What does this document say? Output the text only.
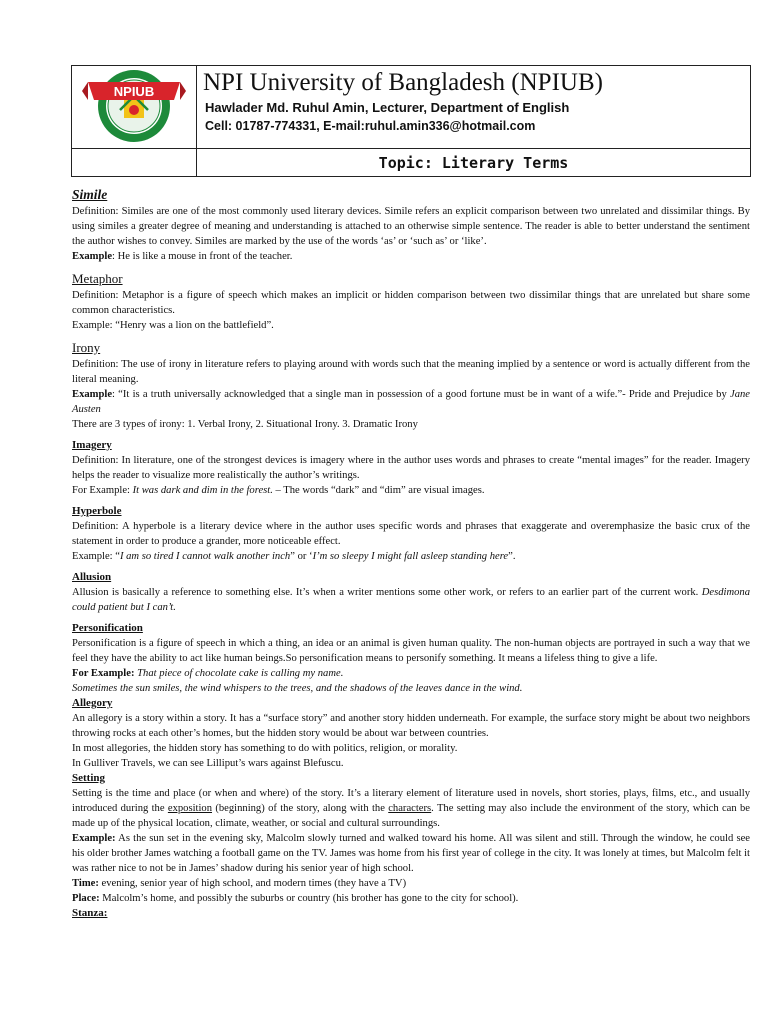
NPIUB NPI University of Bangladesh (NPIUB)
Hawlader Md. Ruhul Amin, Lecturer, Department of English
Cell: 01787-774331, E-mail:ruhul.amin336@hotmail.com
Topic: Literary Terms
Simile

Definition: Similes are one of the most commonly used literary devices. Simile refers an explicit comparison between two unrelated and dissimilar things. By using similes a greater degree of meaning and understanding is attached to an otherwise simple sentence. The reader is able to better understand the sentiment the author wishes to convey. Similes are marked by the use of the words ‘as’ or ‘such as’ or ‘like’.

Example: He is like a mouse in front of the teacher.

Metaphor

Definition: Metaphor is a figure of speech which makes an implicit or hidden comparison between two dissimilar things that are unrelated but share some common characteristics.

Example: “Henry was a lion on the battlefield”.

Irony

Definition: The use of irony in literature refers to playing around with words such that the meaning implied by a sentence or word is actually different from the literal meaning.

Example: “It is a truth universally acknowledged that a single man in possession of a good fortune must be in want of a wife.”- Pride and Prejudice by Jane Austen

There are 3 types of irony: 1. Verbal Irony, 2. Situational Irony. 3. Dramatic Irony

Imagery

Definition: In literature, one of the strongest devices is imagery where in the author uses words and phrases to create “mental images” for the reader. Imagery helps the reader to visualize more realistically the author’s writings.

For Example: It was dark and dim in the forest. – The words “dark” and “dim” are visual images.

Hyperbole

Definition: A hyperbole is a literary device where in the author uses specific words and phrases that exaggerate and overemphasize the basic crux of the statement in order to produce a grander, more noticeable effect.

Example: “I am so tired I cannot walk another inch” or ‘I’m so sleepy I might fall asleep standing here”.

Allusion

Allusion is basically a reference to something else. It’s when a writer mentions some other work, or refers to an earlier part of the current work. Desdimona could patient but I can’t.

Personification

Personification is a figure of speech in which a thing, an idea or an animal is given human quality. The non-human objects are portrayed in such a way that we feel they have the ability to act like human beings.So personification means to personify something. It means a lifeless thing to give a life.

For Example: That piece of chocolate cake is calling my name.

Sometimes the sun smiles, the wind whispers to the trees, and the shadows of the leaves dance in the wind.

Allegory

An allegory is a story within a story. It has a “surface story” and another story hidden underneath. For example, the surface story might be about two neighbors throwing rocks at each other’s homes, but the hidden story would be about war between countries.

In most allegories, the hidden story has something to do with politics, religion, or morality.

In Gulliver Travels, we can see Lilliput’s wars against Blefuscu.

Setting

Setting is the time and place (or when and where) of the story. It’s a literary element of literature used in novels, short stories, plays, films, etc., and usually introduced during the exposition (beginning) of the story, along with the characters. The setting may also include the environment of the story, which can be made up of the physical location, climate, weather, or social and cultural surroundings.

Example: As the sun set in the evening sky, Malcolm slowly turned and walked toward his home. All was silent and still. Through the window, he could see his older brother James watching a football game on the TV. James was home from his first year of college in the city. It was lonely at times, but Malcolm felt it was rather nice to not be in James’ shadow during his senior year of high school.

Time: evening, senior year of high school, and modern times (they have a TV)

Place: Malcolm’s home, and possibly the suburbs or country (his brother has gone to the city for school).

Stanza:
